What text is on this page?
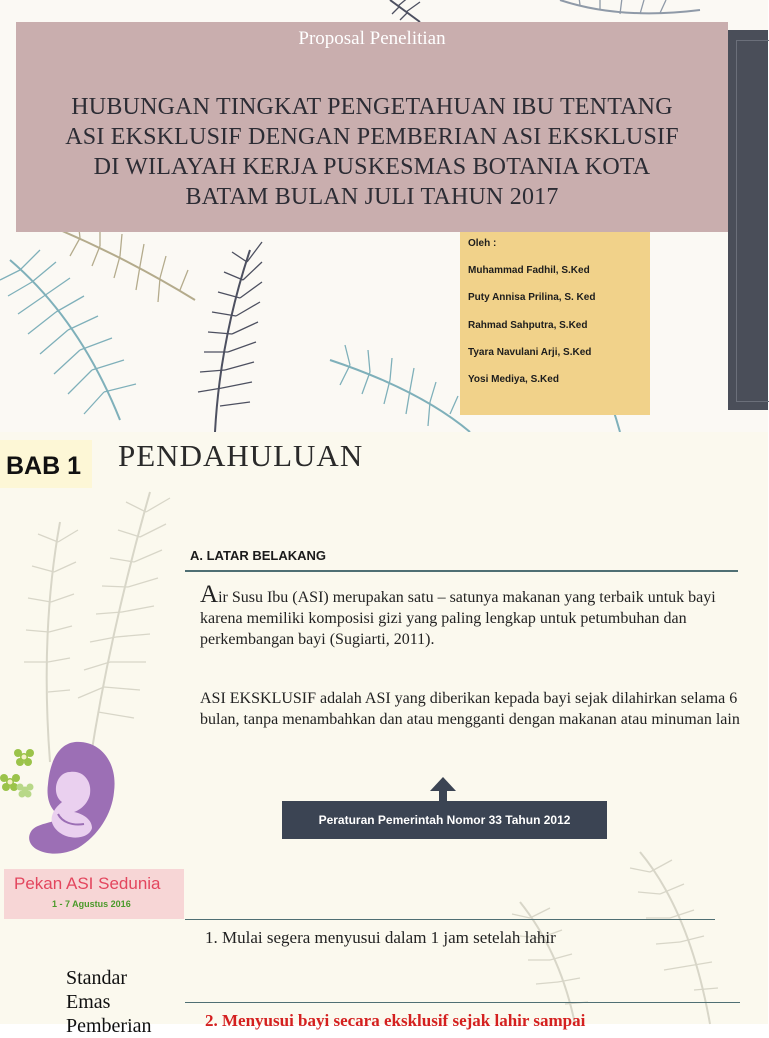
Proposal Penelitian
HUBUNGAN TINGKAT PENGETAHUAN IBU TENTANG
ASI EKSKLUSIF DENGAN PEMBERIAN ASI EKSKLUSIF
DI WILAYAH KERJA PUSKESMAS BOTANIA KOTA
BATAM BULAN JULI TAHUN 2017

Oleh :

Muhammad Fadhil, S.Ked

Puty Annisa Prilina, S. Ked

Rahmad Sahputra, S.Ked

Tyara Navulani Arji, S.Ked

Yosi Mediya, S.Ked

BAB 1 PENDAHULUAN
A. LATAR BELAKANG
Air Susu Ibu (ASI) merupakan satu – satunya makanan yang terbaik untuk bayi karena memiliki komposisi gizi yang paling lengkap untuk petumbuhan dan perkembangan bayi (Sugiarti, 2011).
ASI EKSKLUSIF adalah ASI yang diberikan kepada bayi sejak dilahirkan selama 6 bulan, tanpa menambahkan dan atau mengganti dengan makanan atau minuman lain
Peraturan Pemerintah Nomor 33 Tahun 2012
Pekan ASI Sedunia
1 - 7 Agustus 2016
1. Mulai segera menyusui dalam 1 jam setelah lahir
Standar Emas Pemberian	2. Menyusui bayi secara eksklusif sejak lahir sampai
